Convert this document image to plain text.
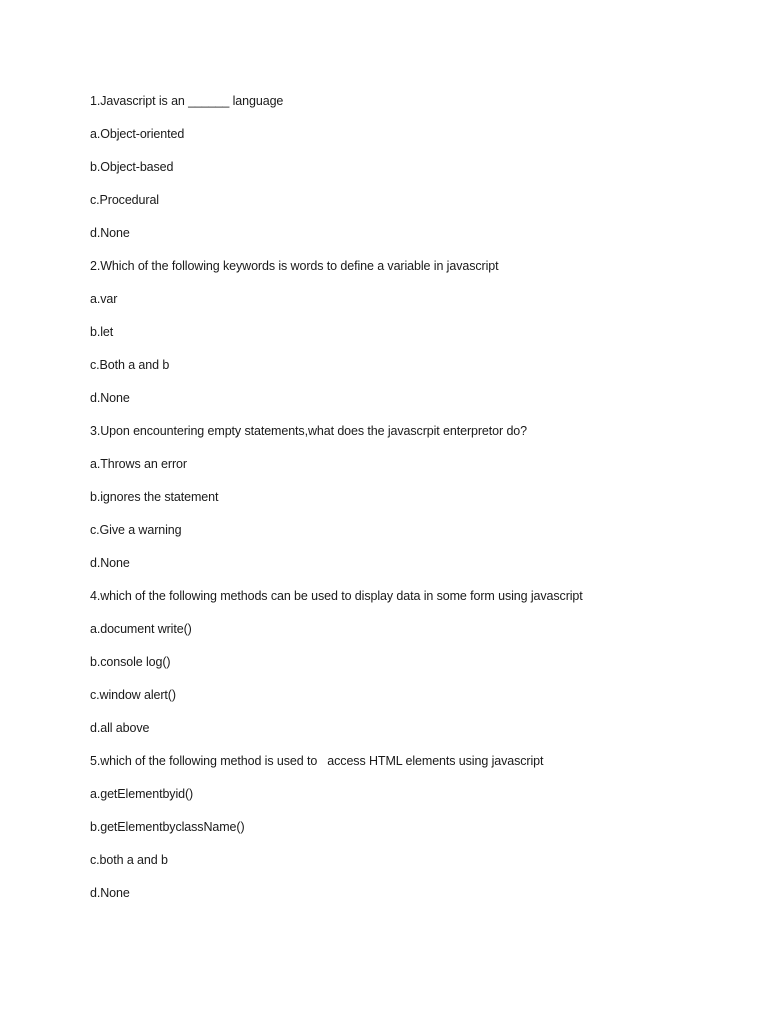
1.Javascript is an ______ language
a.Object-oriented
b.Object-based
c.Procedural
d.None
2.Which of the following keywords is words to define a variable in javascript
a.var
b.let
c.Both a and b
d.None
3.Upon encountering empty statements,what does the javascrpit enterpretor do?
a.Throws an error
b.ignores the statement
c.Give a warning
d.None
4.which of the following methods can be used to display data in some form using javascript
a.document write()
b.console log()
c.window alert()
d.all above
5.which of the following method is used to   access HTML elements using javascript
a.getElementbyid()
b.getElementbyclassName()
c.both a and b
d.None
